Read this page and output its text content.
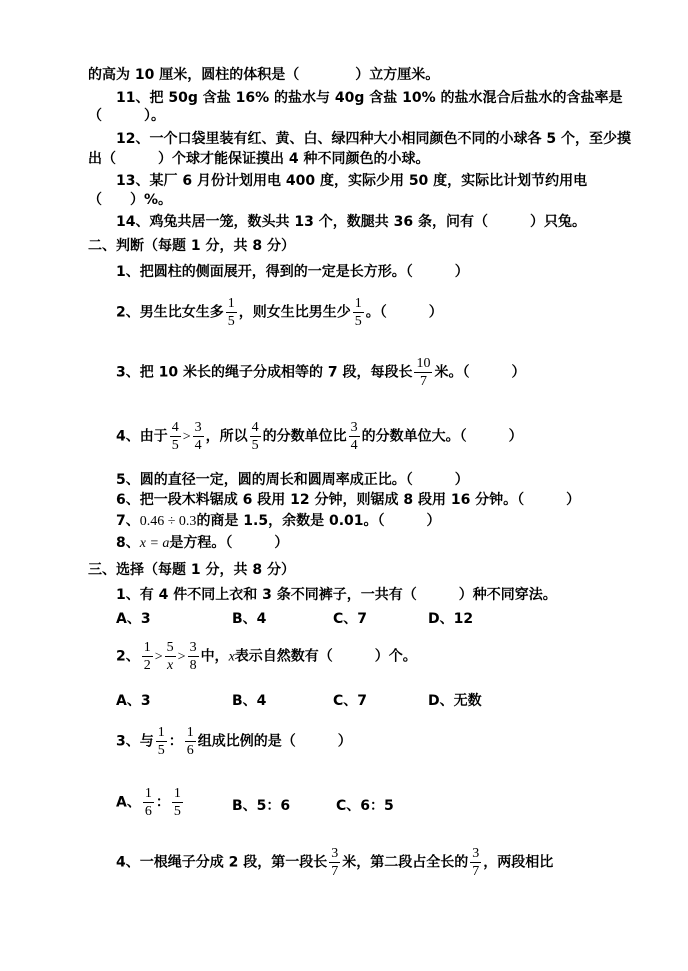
的高为 10 厘米，圆柱的体积是（　　　　）立方厘米。
11、把 50g 含盐 16% 的盐水与 40g 含盐 10% 的盐水混合后盐水的含盐率是
（　　　）。
12、一个口袋里装有红、黄、白、绿四种大小相同颜色不同的小球各 5 个，至少摸
出（　　　）个球才能保证摸出 4 种不同颜色的小球。
13、某厂 6 月份计划用电 400 度，实际少用 50 度，实际比计划节约用电
（　　）%。
14、鸡兔共居一笼，数头共 13 个，数腿共 36 条，问有（　　　）只兔。
二、判断（每题 1 分，共 8 分）
1、把圆柱的侧面展开，得到的一定是长方形。（　　　）
2、男生比女生多 $\frac{1}{5}$ ，则女生比男生少 $\frac{1}{5}$ 。（　　　）
3、把 10 米长的绳子分成相等的 7 段，每段长 $\frac{10}{7}$ 米。（　　　）
4、由于 $\frac{4}{5} > \frac{3}{4}$ ，所以 $\frac{4}{5}$ 的分数单位比 $\frac{3}{4}$ 的分数单位大。（　　　）
5、圆的直径一定，圆的周长和圆周率成正比。（　　　）
6、把一段木料锯成 6 段用 12 分钟，则锯成 8 段用 16 分钟。（　　　）
7、0.46 ÷ 0.3的商是 1.5，余数是 0.01。（　　　）
8、x = a是方程。（　　　）
三、选择（每题 1 分，共 8 分）
1、有 4 件不同上衣和 3 条不同裤子，一共有（　　　）种不同穿法。
A、3	B、4	C、7	D、12
2、 $\frac{1}{2} > \frac{5}{x} > \frac{3}{8}$ 中，x表示自然数有（　　　）个。
A、3	B、4	C、7	D、无数
3、与 $\frac{1}{5}$ ： $\frac{1}{6}$ 组成比例的是（　　　）
A、 $\frac{1}{6}$ ： $\frac{1}{5}$	B、5：6	C、6：5
4、一根绳子分成 2 段，第一段长 $\frac{3}{7}$ 米，第二段占全长的 $\frac{3}{7}$ ，两段相比
